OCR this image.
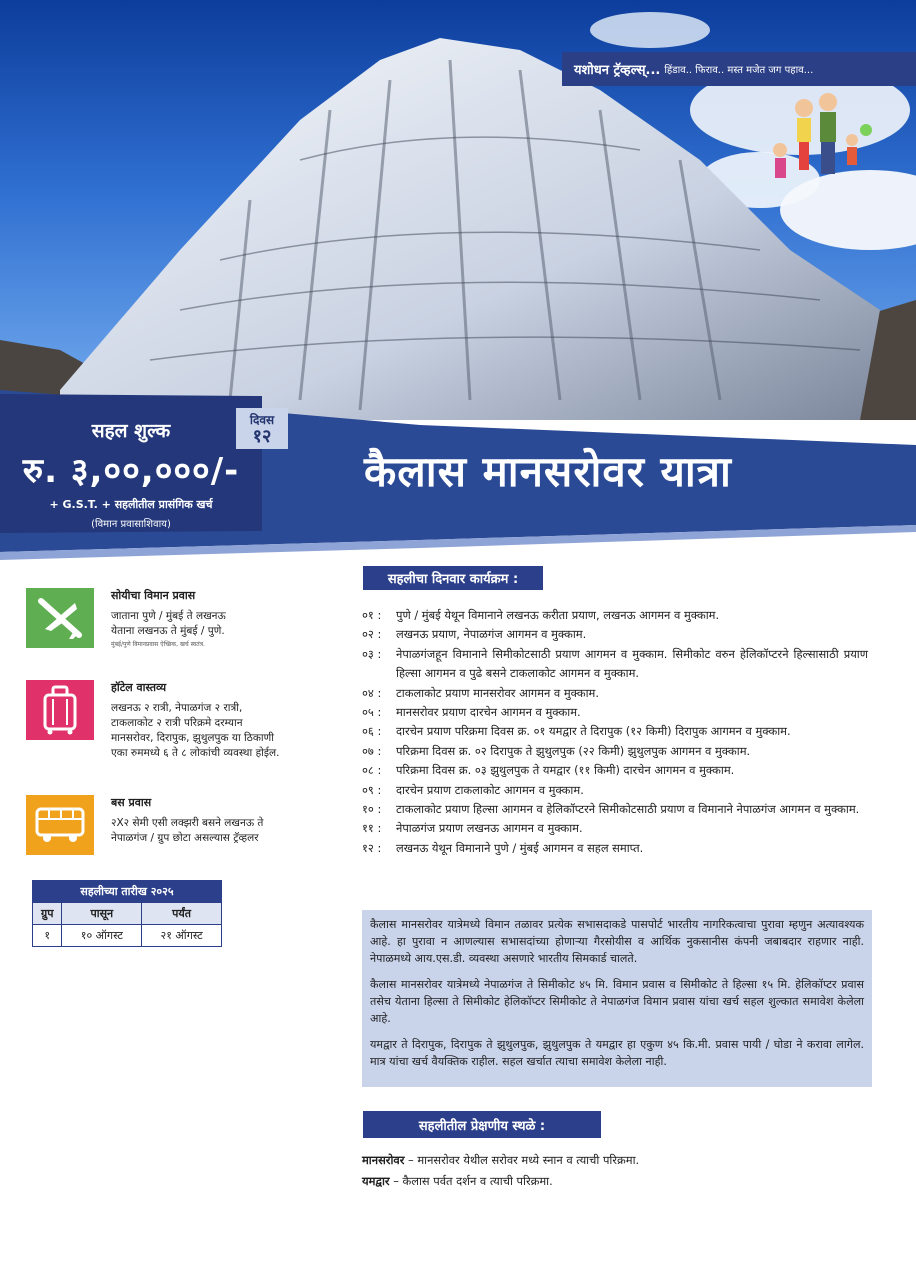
यशोधन ट्रॅव्हल्स्... हिंडाव.. फिराव.. मस्त मजेत जग पहाव...
सहल शुल्क
रु. ३,००,०००/-
+ G.S.T. + सहलीतील प्रासंगिक खर्च
(विमान प्रवासाशिवाय)
दिवस
१२
कैलास मानसरोवर यात्रा
सोयीचा विमान प्रवास
जाताना पुणे / मुंबई ते लखनऊ
येताना लखनऊ ते मुंबई / पुणे.
मुंबई/पुणे विमानप्रवास ऐच्छिक, खर्च स्वतंत्र.
हॉटेल वास्तव्य
लखनऊ २ रात्री, नेपाळगंज २ रात्री,
टाकलाकोट २ रात्री परिक्रमे दरम्यान
मानसरोवर, दिरापुक, झुथुलपुक या ठिकाणी
एका रुममध्ये ६ ते ८ लोकांची व्यवस्था होईल.
बस प्रवास
२X२ सेमी एसी लक्झरी बसने लखनऊ ते
नेपाळगंज / ग्रुप छोटा असल्यास ट्रॅव्हलर
सहलीच्या तारीख २०२५		
ग्रुप	पासून	पर्यंत
१	१० ऑगस्ट	२१ ऑगस्ट
सहलीचा दिनवार कार्यक्रम :
०१ :	पुणे / मुंबई येथून विमानाने लखनऊ करीता प्रयाण, लखनऊ आगमन व मुक्काम.
०२ :	लखनऊ प्रयाण, नेपाळगंज आगमन व मुक्काम.
०३ :	नेपाळगंजहून विमानाने सिमीकोटसाठी प्रयाण आगमन व मुक्काम. सिमीकोट वरुन हेलिकॉप्टरने हिल्सासाठी प्रयाण हिल्सा आगमन व पुढे बसने टाकलाकोट आगमन व मुक्काम.
०४ :	टाकलाकोट प्रयाण मानसरोवर आगमन व मुक्काम.
०५ :	मानसरोवर प्रयाण दारचेन आगमन व मुक्काम.
०६ :	दारचेन प्रयाण परिक्रमा दिवस क्र. ०१ यमद्वार ते दिरापुक (१२ किमी) दिरापुक आगमन व मुक्काम.
०७ :	परिक्रमा दिवस क्र. ०२ दिरापुक ते झुथुलपुक (२२ किमी) झुथुलपुक आगमन व मुक्काम.
०८ :	परिक्रमा दिवस क्र. ०३ झुथुलपुक ते यमद्वार (११ किमी) दारचेन आगमन व मुक्काम.
०९ :	दारचेन प्रयाण टाकलाकोट आगमन व मुक्काम.
१० :	टाकलाकोट प्रयाण हिल्सा आगमन व हेलिकॉप्टरने सिमीकोटसाठी प्रयाण व विमानाने नेपाळगंज आगमन व मुक्काम.
११ :	नेपाळगंज प्रयाण लखनऊ आगमन व मुक्काम.
१२ :	लखनऊ येथून विमानाने पुणे / मुंबई आगमन व सहल समाप्त.

कैलास मानसरोवर यात्रेमध्ये विमान तळावर प्रत्येक सभासदाकडे पासपोर्ट भारतीय नागरिकत्वाचा पुरावा म्हणुन अत्यावश्यक आहे. हा पुरावा न आणल्यास सभासदांच्या होणाऱ्या गैरसोयीस व आर्थिक नुकसानीस कंपनी जबाबदार राहणार नाही. नेपाळमध्ये आय.एस.डी. व्यवस्था असणारे भारतीय सिमकार्ड चालते.

कैलास मानसरोवर यात्रेमध्ये नेपाळगंज ते सिमीकोट ४५ मि. विमान प्रवास व सिमीकोट ते हिल्सा १५ मि. हेलिकॉप्टर प्रवास तसेच येताना हिल्सा ते सिमीकोट हेलिकॉप्टर सिमीकोट ते नेपाळगंज विमान प्रवास यांचा खर्च सहल शुल्कात समावेश केलेला आहे.

यमद्वार ते दिरापुक, दिरापुक ते झुथुलपुक, झुथुलपुक ते यमद्वार हा एकुण ४५ कि.मी. प्रवास पायी / घोडा ने करावा लागेल. मात्र यांचा खर्च वैयक्तिक राहील. सहल खर्चात त्याचा समावेश केलेला नाही.

सहलीतील प्रेक्षणीय स्थळे :
मानसरोवर – मानसरोवर येथील सरोवर मध्ये स्नान व त्याची परिक्रमा.
यमद्वार – कैलास पर्वत दर्शन व त्याची परिक्रमा.
